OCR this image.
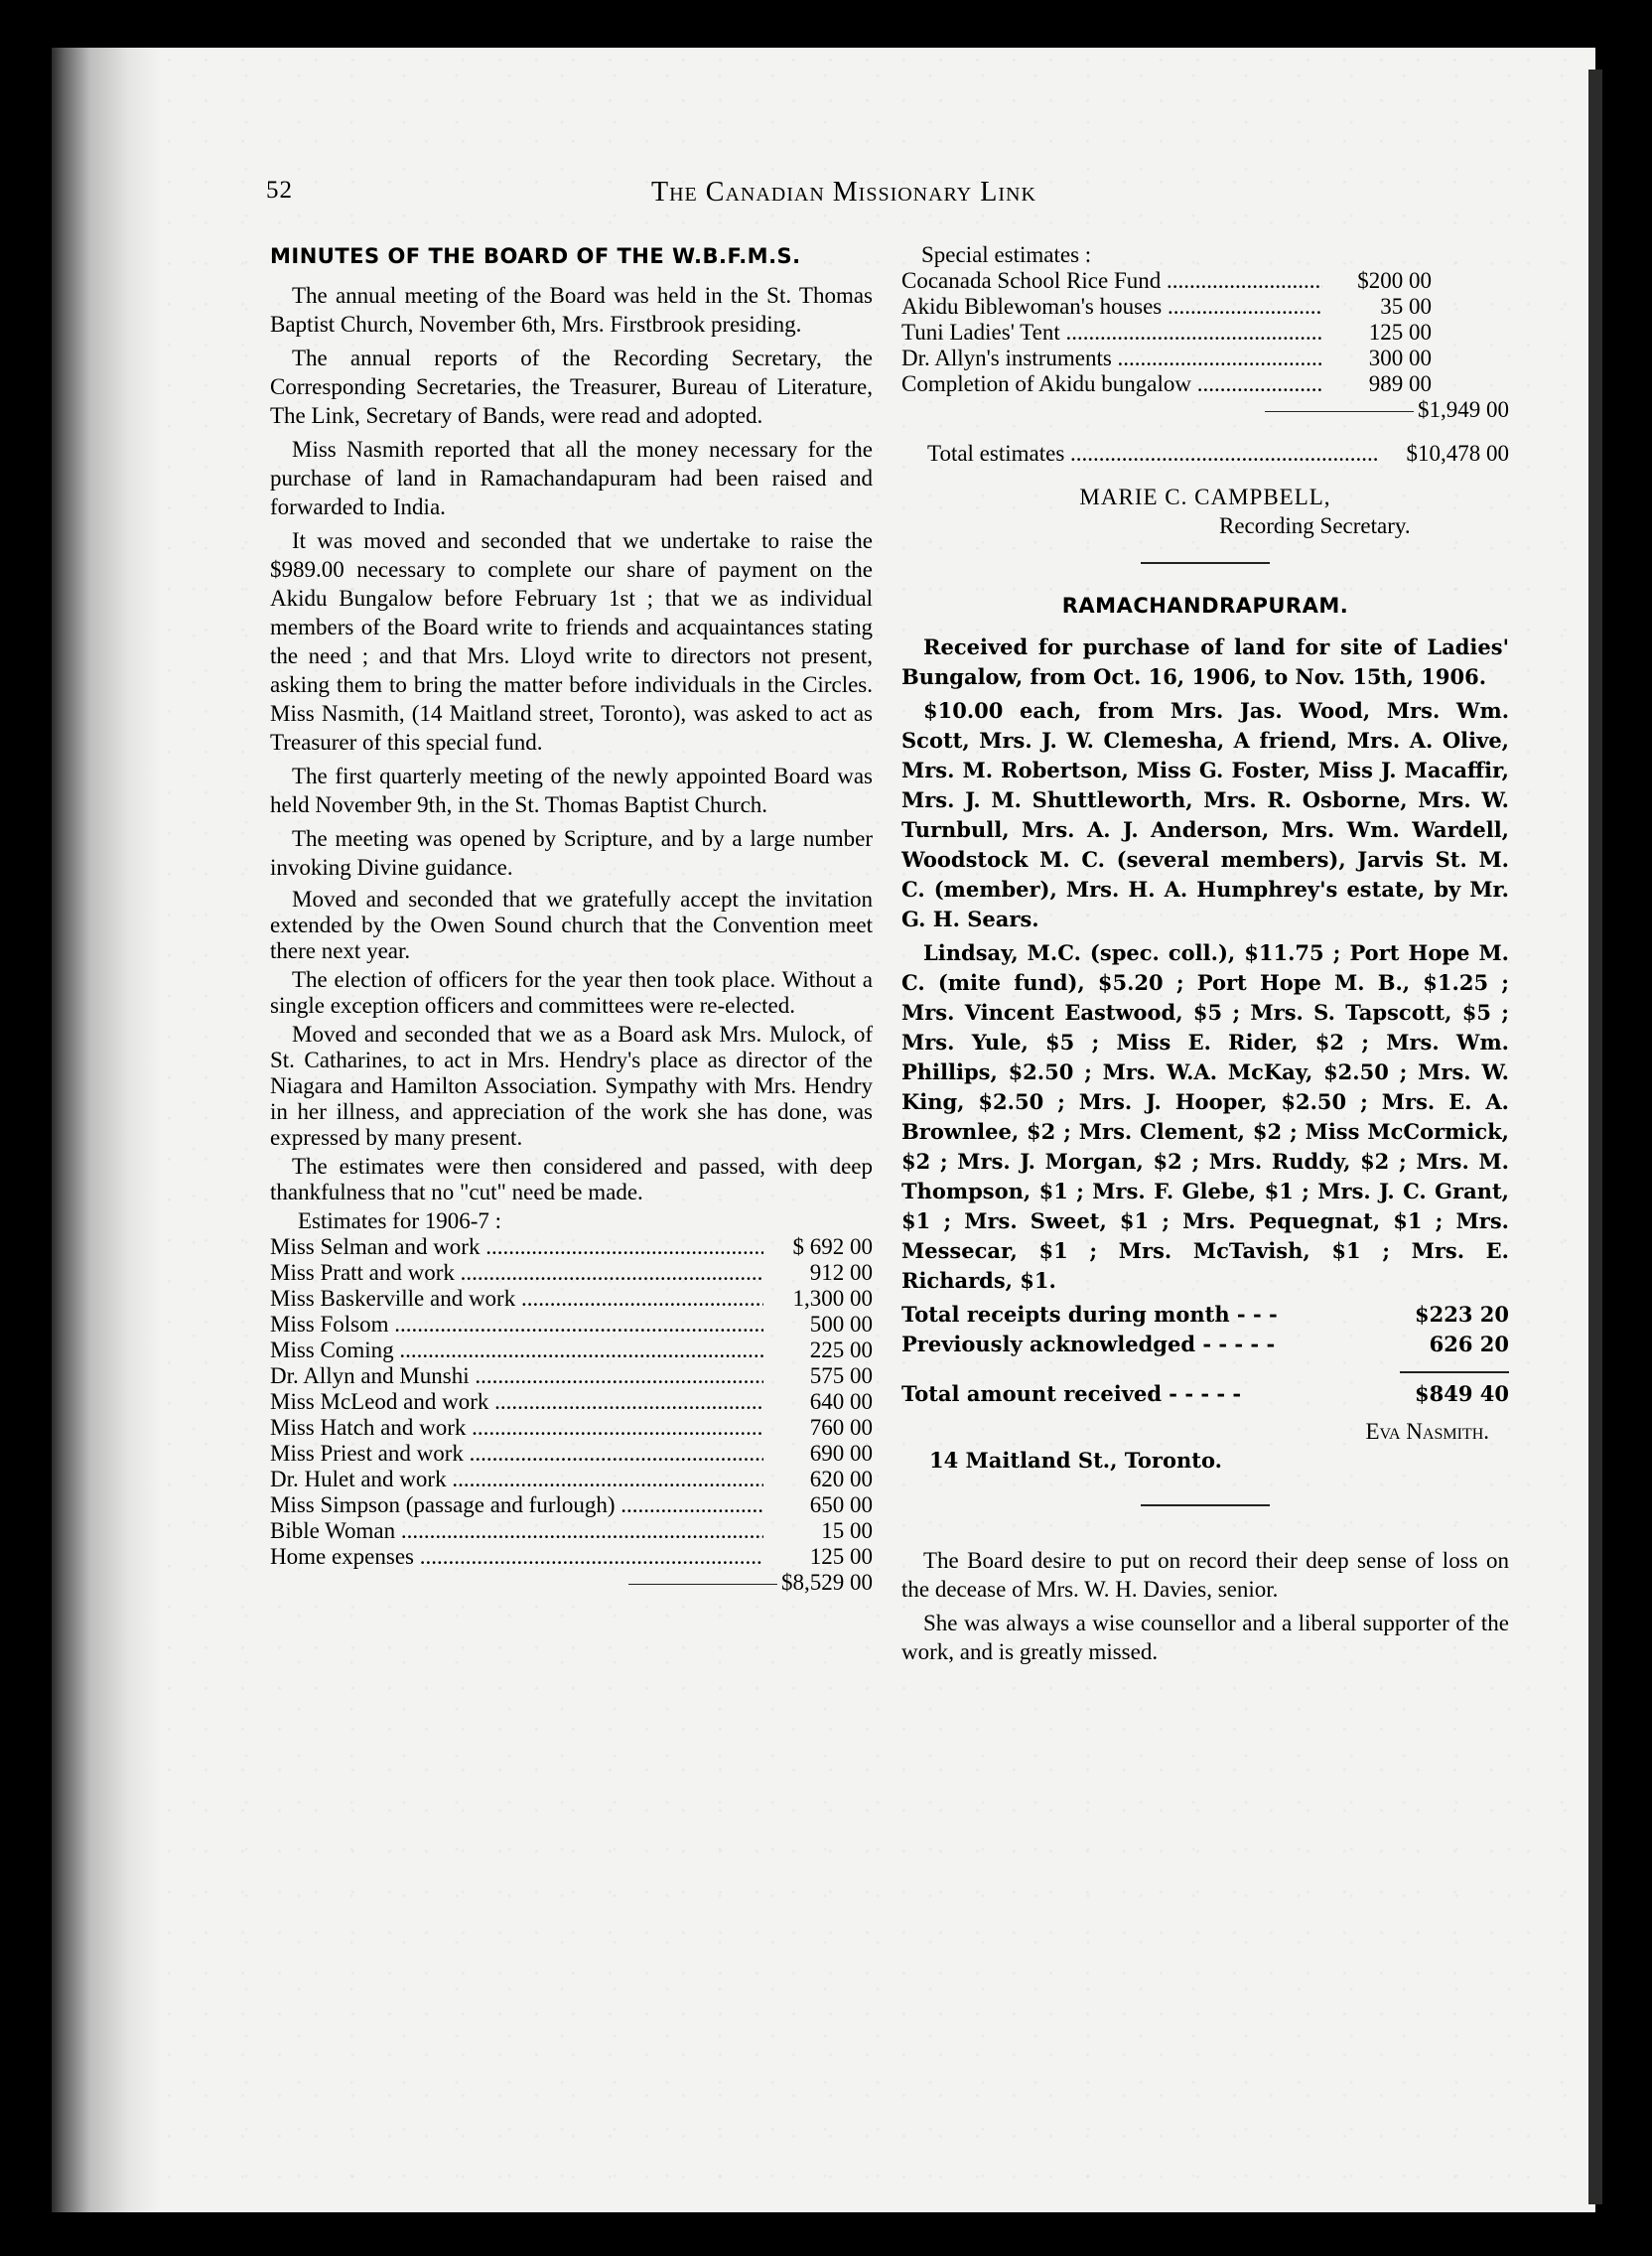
52	The Canadian Missionary Link
MINUTES OF THE BOARD OF THE W.B.F.M.S.

The annual meeting of the Board was held in the St. Thomas Baptist Church, November 6th, Mrs. Firstbrook presiding.

The annual reports of the Recording Secretary, the Corresponding Secretaries, the Treasurer, Bureau of Literature, The Link, Secretary of Bands, were read and adopted.

Miss Nasmith reported that all the money necessary for the purchase of land in Ramachandapuram had been raised and forwarded to India.

It was moved and seconded that we undertake to raise the $989.00 necessary to complete our share of payment on the Akidu Bungalow before February 1st ; that we as individual members of the Board write to friends and acquaintances stating the need ; and that Mrs. Lloyd write to directors not present, asking them to bring the matter before individuals in the Circles. Miss Nasmith, (14 Maitland street, Toronto), was asked to act as Treasurer of this special fund.

The first quarterly meeting of the newly appointed Board was held November 9th, in the St. Thomas Baptist Church.

The meeting was opened by Scripture, and by a large number invoking Divine guidance.

Moved and seconded that we gratefully accept the invitation extended by the Owen Sound church that the Convention meet there next year.

The election of officers for the year then took place. Without a single exception officers and committees were re-elected.

Moved and seconded that we as a Board ask Mrs. Mulock, of St. Catharines, to act in Mrs. Hendry's place as director of the Niagara and Hamilton Association. Sympathy with Mrs. Hendry in her illness, and appreciation of the work she has done, was expressed by many present.

The estimates were then considered and passed, with deep thankfulness that no "cut" need be made.

Estimates for 1906-7 :
Miss Selman and work .....	$ 692 00
Miss Pratt and work .....	912 00
Miss Baskerville and work .....	1,300 00
Miss Folsom .....	500 00
Miss Coming .....	225 00
Dr. Allyn and Munshi .....	575 00
Miss McLeod and work .....	640 00
Miss Hatch and work .....	760 00
Miss Priest and work .....	690 00
Dr. Hulet and work .....	620 00
Miss Simpson (passage and furlough) .....	650 00
Bible Woman .....	15 00
Home expenses .....	125 00
$8,529 00
Special estimates :
Cocanada School Rice Fund .....	$200 00
Akidu Biblewoman's houses .....	35 00
Tuni Ladies' Tent .....	125 00
Dr. Allyn's instruments .....	300 00
Completion of Akidu bungalow .....	989 00
$1,949 00
Total estimates .....	$10,478 00
MARIE C. CAMPBELL,
Recording Secretary.
RAMACHANDRAPURAM.

Received for purchase of land for site of Ladies' Bungalow, from Oct. 16, 1906, to Nov. 15th, 1906.

$10.00 each, from Mrs. Jas. Wood, Mrs. Wm. Scott, Mrs. J. W. Clemesha, A friend, Mrs. A. Olive, Mrs. M. Robertson, Miss G. Foster, Miss J. Macaffir, Mrs. J. M. Shuttleworth, Mrs. R. Osborne, Mrs. W. Turnbull, Mrs. A. J. Anderson, Mrs. Wm. Wardell, Woodstock M. C. (several members), Jarvis St. M. C. (member), Mrs. H. A. Humphrey's estate, by Mr. G. H. Sears.

Lindsay, M.C. (spec. coll.), $11.75 ; Port Hope M. C. (mite fund), $5.20 ; Port Hope M. B., $1.25 ; Mrs. Vincent Eastwood, $5 ; Mrs. S. Tapscott, $5 ; Mrs. Yule, $5 ; Miss E. Rider, $2 ; Mrs. Wm. Phillips, $2.50 ; Mrs. W.A. McKay, $2.50 ; Mrs. W. King, $2.50 ; Mrs. J. Hooper, $2.50 ; Mrs. E. A. Brownlee, $2 ; Mrs. Clement, $2 ; Miss McCormick, $2 ; Mrs. J. Morgan, $2 ; Mrs. Ruddy, $2 ; Mrs. M. Thompson, $1 ; Mrs. F. Glebe, $1 ; Mrs. J. C. Grant, $1 ; Mrs. Sweet, $1 ; Mrs. Pequegnat, $1 ; Mrs. Messecar, $1 ; Mrs. McTavish, $1 ; Mrs. E. Richards, $1.

Total receipts during month - - -	$223 20
Previously acknowledged - - - - -	626 20
Total amount received - - - - -	$849 40
Eva Nasmith.
14 Maitland St., Toronto.

The Board desire to put on record their deep sense of loss on the decease of Mrs. W. H. Davies, senior.

She was always a wise counsellor and a liberal supporter of the work, and is greatly missed.
